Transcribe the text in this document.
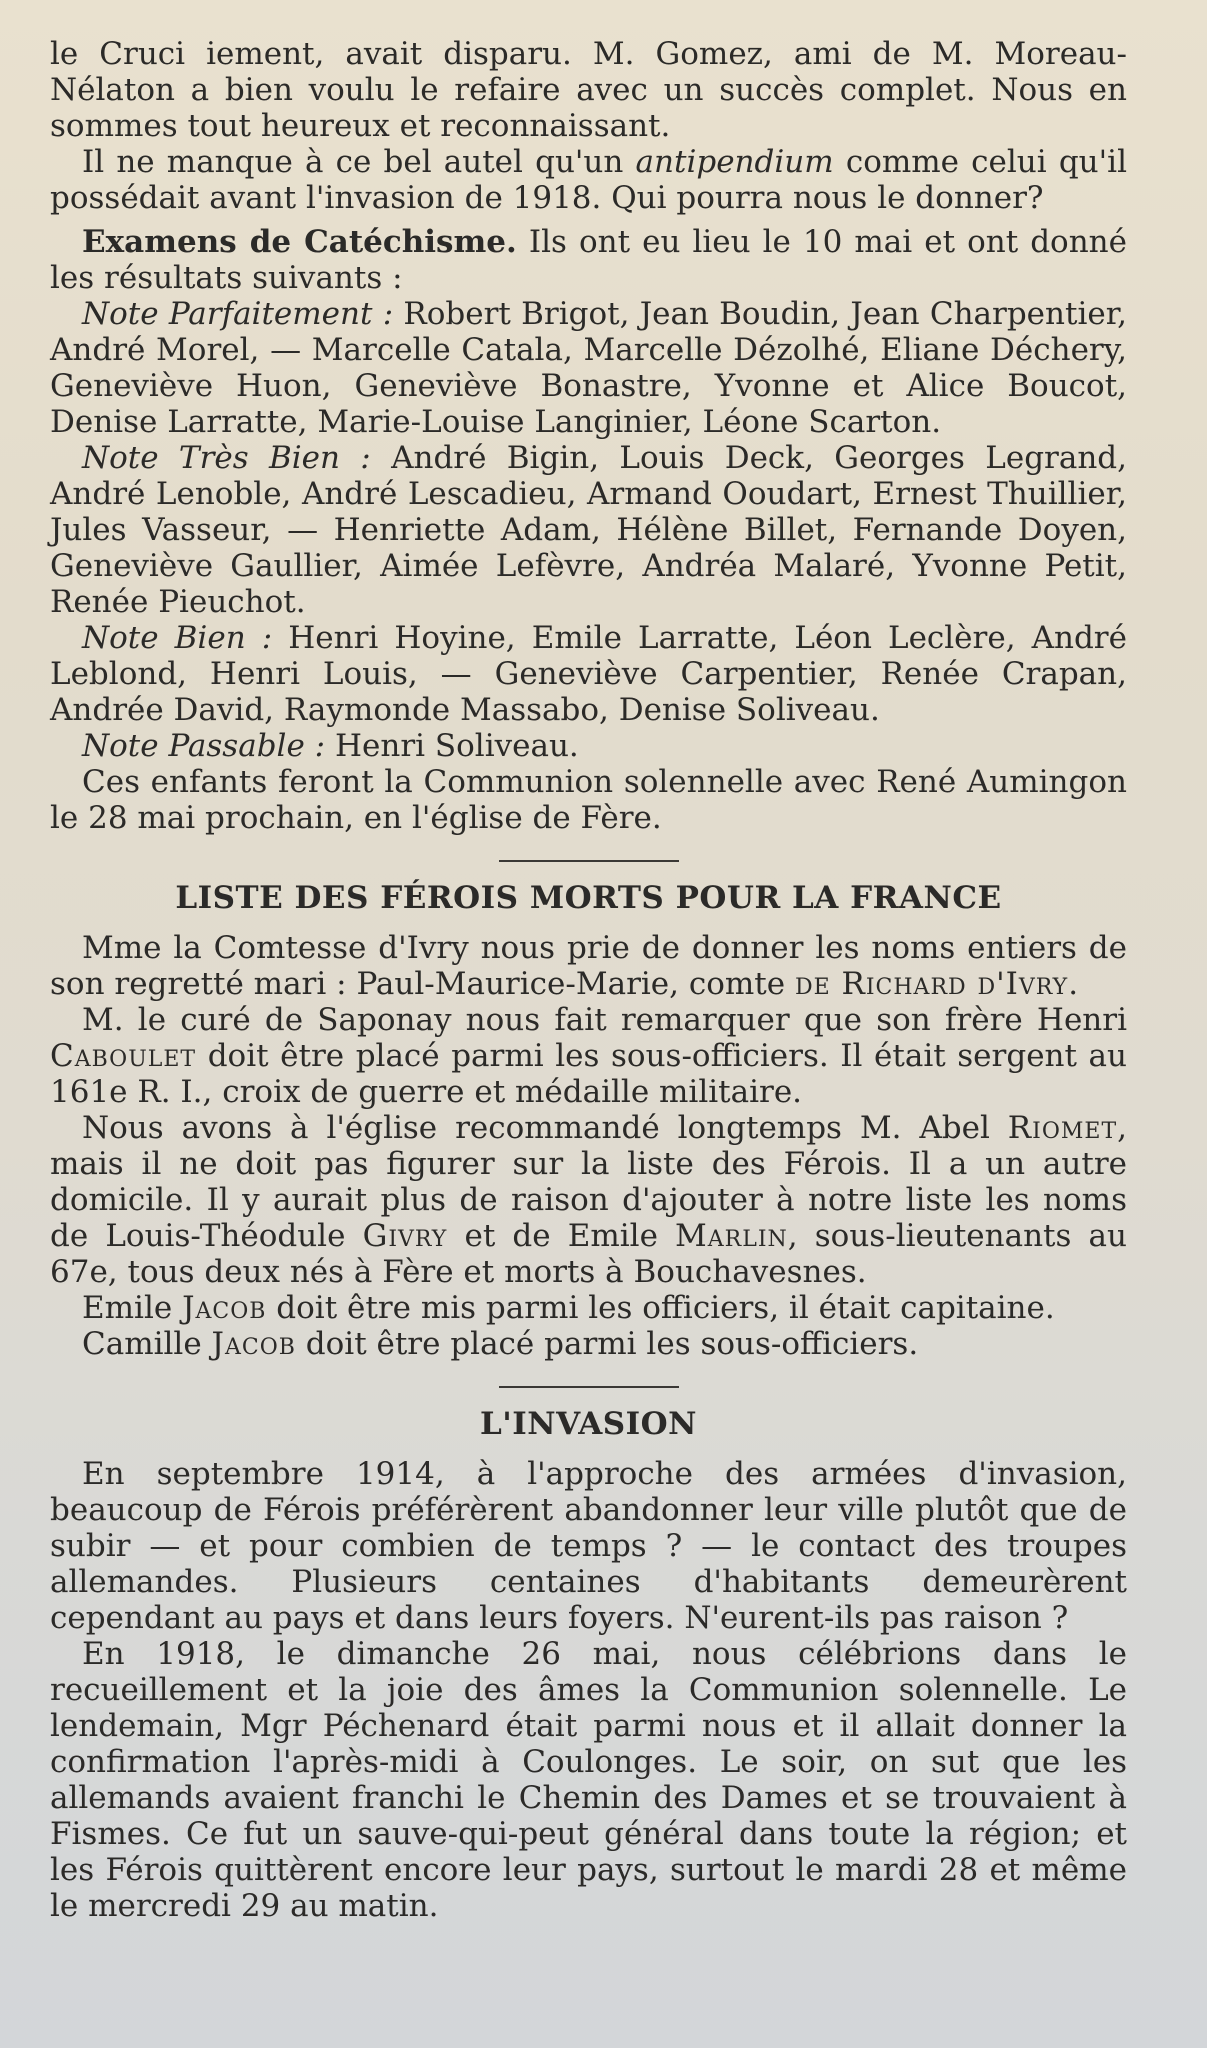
le Cruci iement, avait disparu. M. Gomez, ami de M. Moreau-Nélaton a bien voulu le refaire avec un succès complet. Nous en sommes tout heureux et reconnaissant.

Il ne manque à ce bel autel qu'un antipendium comme celui qu'il possédait avant l'invasion de 1918. Qui pourra nous le donner?

Examens de Catéchisme. Ils ont eu lieu le 10 mai et ont donné les résultats suivants :

Note Parfaitement : Robert Brigot, Jean Boudin, Jean Charpentier, André Morel, — Marcelle Catala, Marcelle Dézolhé, Eliane Déchery, Geneviève Huon, Geneviève Bonastre, Yvonne et Alice Boucot, Denise Larratte, Marie-Louise Langinier, Léone Scarton.

Note Très Bien : André Bigin, Louis Deck, Georges Legrand, André Lenoble, André Lescadieu, Armand Ooudart, Ernest Thuillier, Jules Vasseur, — Henriette Adam, Hélène Billet, Fernande Doyen, Geneviève Gaullier, Aimée Lefèvre, Andréa Malaré, Yvonne Petit, Renée Pieuchot.

Note Bien : Henri Hoyine, Emile Larratte, Léon Leclère, André Leblond, Henri Louis, — Geneviève Carpentier, Renée Crapan, Andrée David, Raymonde Massabo, Denise Soliveau.

Note Passable : Henri Soliveau.

Ces enfants feront la Communion solennelle avec René Aumingon le 28 mai prochain, en l'église de Fère.

LISTE DES FÉROIS MORTS POUR LA FRANCE

Mme la Comtesse d'Ivry nous prie de donner les noms entiers de son regretté mari : Paul-Maurice-Marie, comte de Richard d'Ivry.

M. le curé de Saponay nous fait remarquer que son frère Henri Caboulet doit être placé parmi les sous-officiers. Il était sergent au 161e R. I., croix de guerre et médaille militaire.

Nous avons à l'église recommandé longtemps M. Abel Riomet, mais il ne doit pas figurer sur la liste des Férois. Il a un autre domicile. Il y aurait plus de raison d'ajouter à notre liste les noms de Louis-Théodule Givry et de Emile Marlin, sous-lieutenants au 67e, tous deux nés à Fère et morts à Bouchavesnes.

Emile Jacob doit être mis parmi les officiers, il était capitaine.

Camille Jacob doit être placé parmi les sous-officiers.

L'INVASION

En septembre 1914, à l'approche des armées d'invasion, beaucoup de Férois préférèrent abandonner leur ville plutôt que de subir — et pour combien de temps ? — le contact des troupes allemandes. Plusieurs centaines d'habitants demeurèrent cependant au pays et dans leurs foyers. N'eurent-ils pas raison ?

En 1918, le dimanche 26 mai, nous célébrions dans le recueillement et la joie des âmes la Communion solennelle. Le lendemain, Mgr Péchenard était parmi nous et il allait donner la confirmation l'après-midi à Coulonges. Le soir, on sut que les allemands avaient franchi le Chemin des Dames et se trouvaient à Fismes. Ce fut un sauve-qui-peut général dans toute la région; et les Férois quittèrent encore leur pays, surtout le mardi 28 et même le mercredi 29 au matin.
